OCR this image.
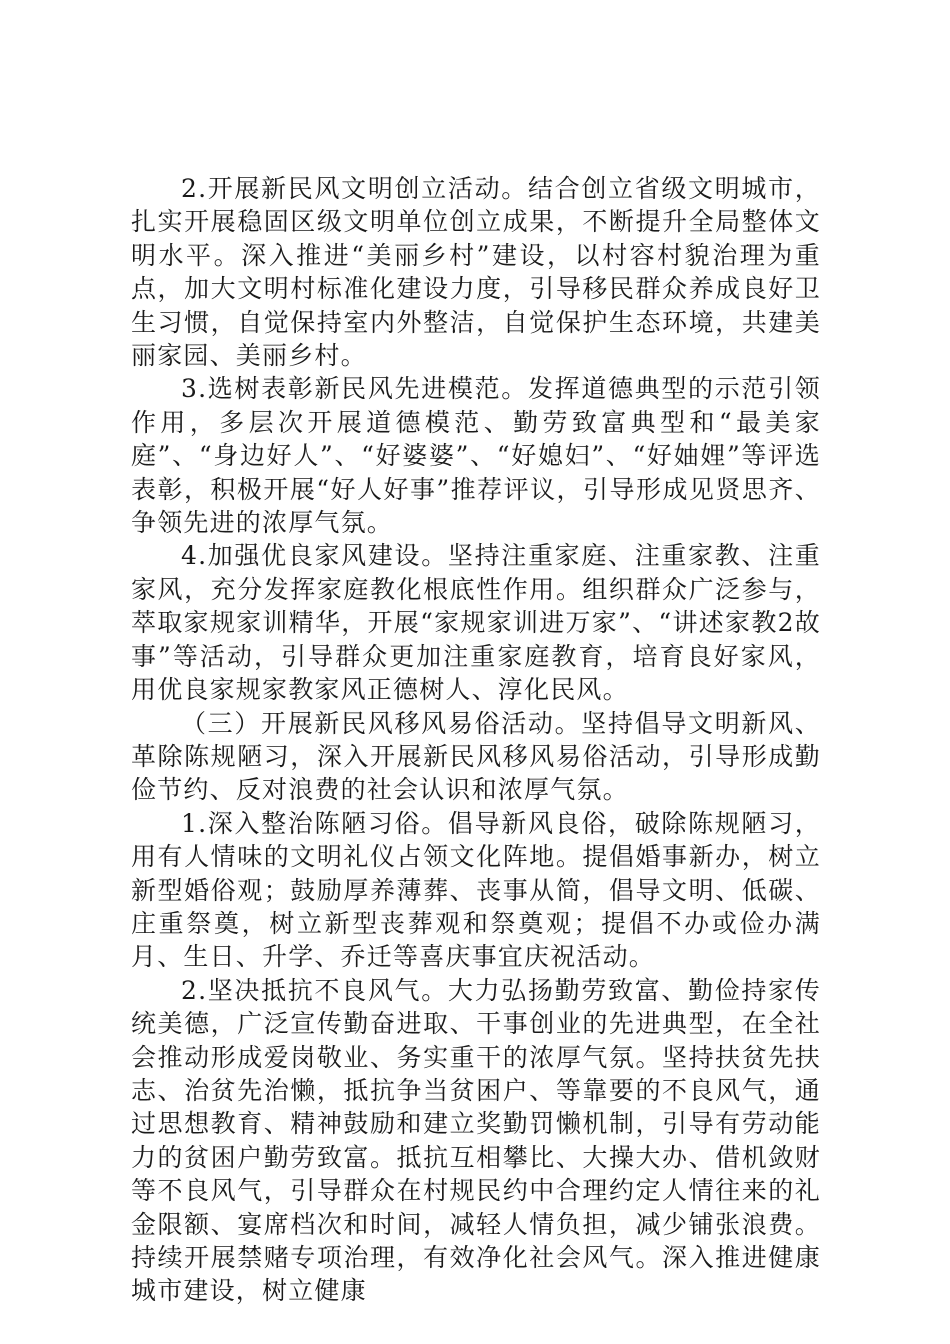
2.开展新民风文明创立活动。结合创立省级文明城市，扎实开展稳固区级文明单位创立成果，不断提升全局整体文明水平。深入推进“美丽乡村”建设，以村容村貌治理为重点，加大文明村标准化建设力度，引导移民群众养成良好卫生习惯，自觉保持室内外整洁，自觉保护生态环境，共建美丽家园、美丽乡村。

3.选树表彰新民风先进模范。发挥道德典型的示范引领作用，多层次开展道德模范、勤劳致富典型和“最美家庭”、“身边好人”、“好婆婆”、“好媳妇”、“好妯娌”等评选表彰，积极开展“好人好事”推荐评议，引导形成见贤思齐、争领先进的浓厚气氛。

4.加强优良家风建设。坚持注重家庭、注重家教、注重家风，充分发挥家庭教化根底性作用。组织群众广泛参与，萃取家规家训精华，开展“家规家训进万家”、“讲述家教2故事”等活动，引导群众更加注重家庭教育，培育良好家风，用优良家规家教家风正德树人、淳化民风。

（三）开展新民风移风易俗活动。坚持倡导文明新风、革除陈规陋习，深入开展新民风移风易俗活动，引导形成勤俭节约、反对浪费的社会认识和浓厚气氛。

1.深入整治陈陋习俗。倡导新风良俗，破除陈规陋习，用有人情味的文明礼仪占领文化阵地。提倡婚事新办，树立新型婚俗观；鼓励厚养薄葬、丧事从简，倡导文明、低碳、庄重祭奠，树立新型丧葬观和祭奠观；提倡不办或俭办满月、生日、升学、乔迁等喜庆事宜庆祝活动。

2.坚决抵抗不良风气。大力弘扬勤劳致富、勤俭持家传统美德，广泛宣传勤奋进取、干事创业的先进典型，在全社会推动形成爱岗敬业、务实重干的浓厚气氛。坚持扶贫先扶志、治贫先治懒，抵抗争当贫困户、等靠要的不良风气，通过思想教育、精神鼓励和建立奖勤罚懒机制，引导有劳动能力的贫困户勤劳致富。抵抗互相攀比、大操大办、借机敛财等不良风气，引导群众在村规民约中合理约定人情往来的礼金限额、宴席档次和时间，减轻人情负担，减少铺张浪费。持续开展禁赌专项治理，有效净化社会风气。深入推进健康城市建设，树立健康
